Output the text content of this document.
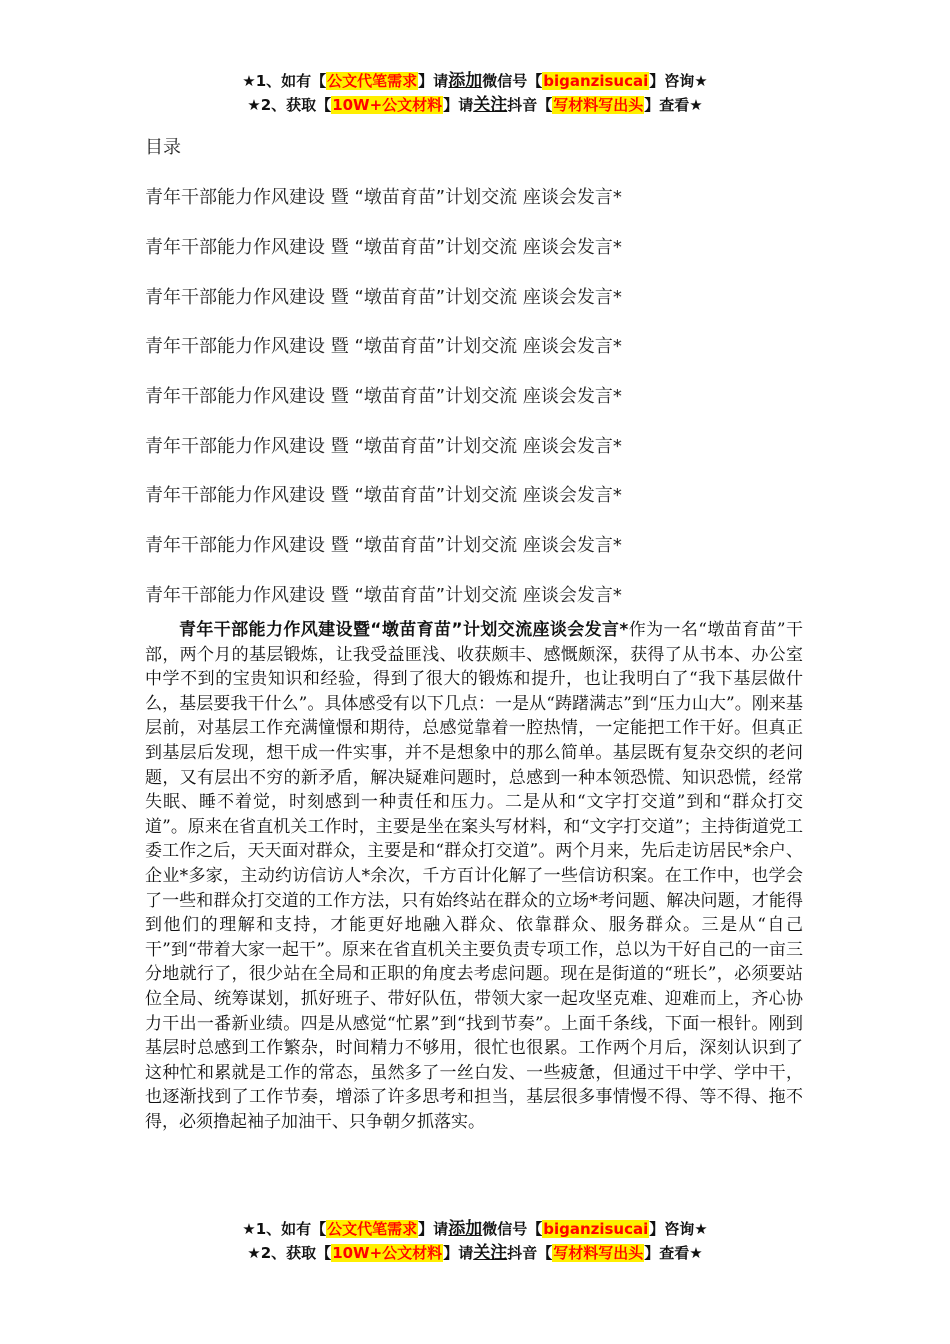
★1、如有【公文代笔需求】请添加微信号【biganzisucai】咨询★
★2、获取【10W+公文材料】请关注抖音【写材料写出头】查看★
目录
青年干部能力作风建设 暨 “墩苗育苗”计划交流 座谈会发言*
青年干部能力作风建设 暨 “墩苗育苗”计划交流 座谈会发言*
青年干部能力作风建设 暨 “墩苗育苗”计划交流 座谈会发言*
青年干部能力作风建设 暨 “墩苗育苗”计划交流 座谈会发言*
青年干部能力作风建设 暨 “墩苗育苗”计划交流 座谈会发言*
青年干部能力作风建设 暨 “墩苗育苗”计划交流 座谈会发言*
青年干部能力作风建设 暨 “墩苗育苗”计划交流 座谈会发言*
青年干部能力作风建设 暨 “墩苗育苗”计划交流 座谈会发言*
青年干部能力作风建设 暨 “墩苗育苗”计划交流 座谈会发言*
青年干部能力作风建设暨“墩苗育苗”计划交流座谈会发言*作为一名“墩苗育苗”干部，两个月的基层锻炼，让我受益匪浅、收获颇丰、感慨颇深，获得了从书本、办公室中学不到的宝贵知识和经验，得到了很大的锻炼和提升，也让我明白了“我下基层做什么，基层要我干什么”。具体感受有以下几点：一是从“踌躇满志”到“压力山大”。刚来基层前，对基层工作充满憧憬和期待，总感觉靠着一腔热情，一定能把工作干好。但真正到基层后发现，想干成一件实事，并不是想象中的那么简单。基层既有复杂交织的老问题，又有层出不穷的新矛盾，解决疑难问题时，总感到一种本领恐慌、知识恐慌，经常失眠、睡不着觉，时刻感到一种责任和压力。二是从和“文字打交道”到和“群众打交道”。原来在省直机关工作时，主要是坐在案头写材料，和“文字打交道”；主持街道党工委工作之后，天天面对群众，主要是和“群众打交道”。两个月来，先后走访居民*余户、企业*多家，主动约访信访人*余次，千方百计化解了一些信访积案。在工作中，也学会了一些和群众打交道的工作方法，只有始终站在群众的立场*考问题、解决问题，才能得到他们的理解和支持，才能更好地融入群众、依靠群众、服务群众。三是从“自己干”到“带着大家一起干”。原来在省直机关主要负责专项工作，总以为干好自己的一亩三分地就行了，很少站在全局和正职的角度去考虑问题。现在是街道的“班长”，必须要站位全局、统筹谋划，抓好班子、带好队伍，带领大家一起攻坚克难、迎难而上，齐心协力干出一番新业绩。四是从感觉“忙累”到“找到节奏”。上面千条线，下面一根针。刚到基层时总感到工作繁杂，时间精力不够用，很忙也很累。工作两个月后，深刻认识到了这种忙和累就是工作的常态，虽然多了一丝白发、一些疲惫，但通过干中学、学中干，也逐渐找到了工作节奏，增添了许多思考和担当，基层很多事情慢不得、等不得、拖不得，必须撸起袖子加油干、只争朝夕抓落实。
★1、如有【公文代笔需求】请添加微信号【biganzisucai】咨询★
★2、获取【10W+公文材料】请关注抖音【写材料写出头】查看★
